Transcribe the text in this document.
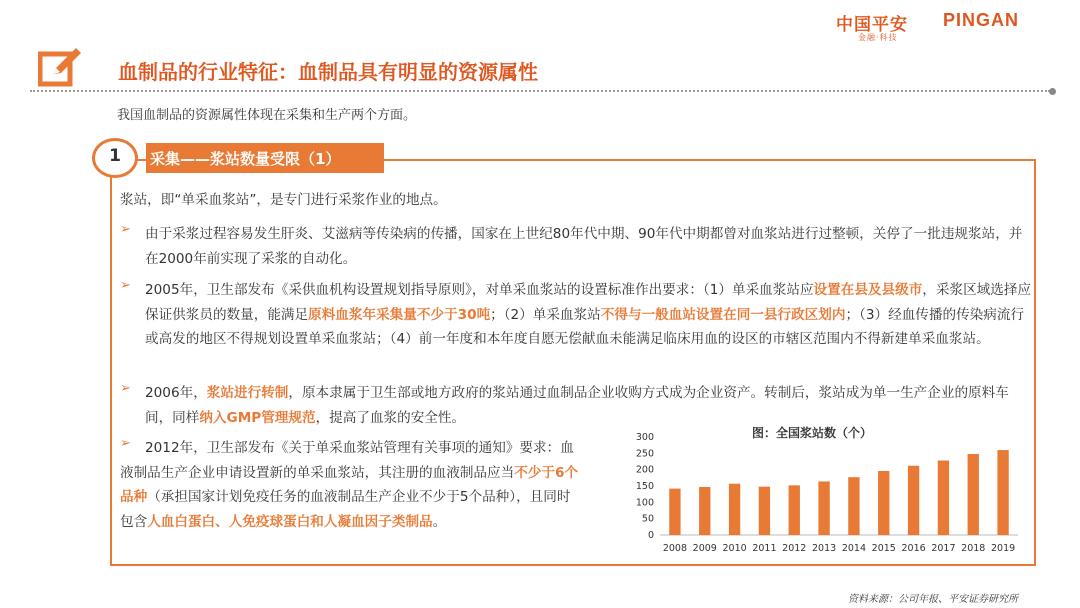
中国平安 PINGAN
金融·科技
血制品的行业特征：血制品具有明显的资源属性
我国血制品的资源属性体现在采集和生产两个方面。
采集——浆站数量受限（1）
1
浆站，即“单采血浆站”，是专门进行采浆作业的地点。
➢ 由于采浆过程容易发生肝炎、艾滋病等传染病的传播，国家在上世纪80年代中期、90年代中期都曾对血浆站进行过整顿，关停了一批违规浆站，并在2000年前实现了采浆的自动化。
➢ 2005年，卫生部发布《采供血机构设置规划指导原则》，对单采血浆站的设置标准作出要求：（1）单采血浆站应设置在县及县级市，采浆区域选择应保证供浆员的数量，能满足原料血浆年采集量不少于30吨；（2）单采血浆站不得与一般血站设置在同一县行政区划内；（3）经血传播的传染病流行或高发的地区不得规划设置单采血浆站；（4）前一年度和本年度自愿无偿献血未能满足临床用血的设区的市辖区范围内不得新建单采血浆站。
➢ 2006年，浆站进行转制，原本隶属于卫生部或地方政府的浆站通过血制品企业收购方式成为企业资产。转制后，浆站成为单一生产企业的原料车间，同样纳入GMP管理规范，提高了血浆的安全性。
➢	2012年，卫生部发布《关于单采血浆站管理有关事项的通知》要求：血液制品生产企业申请设置新的单采血浆站，其注册的血液制品应当不少于6个品种（承担国家计划免疫任务的血液制品生产企业不少于5个品种），且同时包含人血白蛋白、人免疫球蛋白和人凝血因子类制品。
图：全国浆站数（个）
0
50
100
150
200
250
300
2008 2009 2010 2011 2012 2013 2014 2015 2016 2017 2018 2019
资料来源：公司年报、平安证券研究所
